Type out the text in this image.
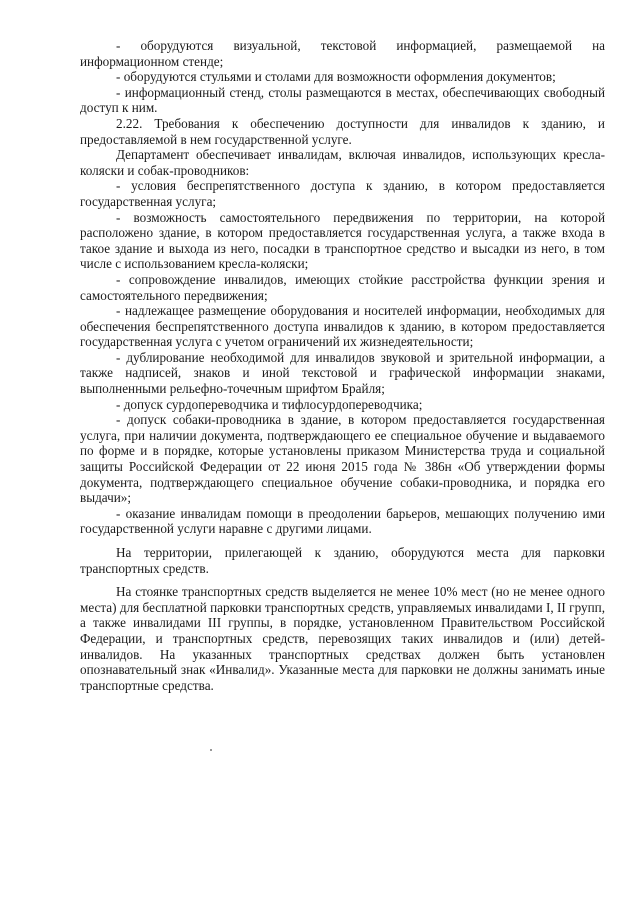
- оборудуются визуальной, текстовой информацией, размещаемой на информационном стенде;

- оборудуются стульями и столами для возможности оформления документов;

- информационный стенд, столы размещаются в местах, обеспечивающих свободный доступ к ним.

2.22. Требования к обеспечению доступности для инвалидов к зданию, и предоставляемой в нем государственной услуге.

Департамент обеспечивает инвалидам, включая инвалидов, использующих кресла-коляски и собак-проводников:

- условия беспрепятственного доступа к зданию, в котором предоставляется государственная услуга;

- возможность самостоятельного передвижения по территории, на которой расположено здание, в котором предоставляется государственная услуга, а также входа в такое здание и выхода из него, посадки в транспортное средство и высадки из него, в том числе с использованием кресла-коляски;

- сопровождение инвалидов, имеющих стойкие расстройства функции зрения и самостоятельного передвижения;

- надлежащее размещение оборудования и носителей информации, необходимых для обеспечения беспрепятственного доступа инвалидов к зданию, в котором предоставляется государственная услуга с учетом ограничений их жизнедеятельности;

- дублирование необходимой для инвалидов звуковой и зрительной информации, а также надписей, знаков и иной текстовой и графической информации знаками, выполненными рельефно-точечным шрифтом Брайля;

- допуск сурдопереводчика и тифлосурдопереводчика;

- допуск собаки-проводника в здание, в котором предоставляется государственная услуга, при наличии документа, подтверждающего ее специальное обучение и выдаваемого по форме и в порядке, которые установлены приказом Министерства труда и социальной защиты Российской Федерации от 22 июня 2015 года № 386н «Об утверждении формы документа, подтверждающего специальное обучение собаки-проводника, и порядка его выдачи»;

- оказание инвалидам помощи в преодолении барьеров, мешающих получению ими государственной услуги наравне с другими лицами.

На территории, прилегающей к зданию, оборудуются места для парковки транспортных средств.

На стоянке транспортных средств выделяется не менее 10% мест (но не менее одного места) для бесплатной парковки транспортных средств, управляемых инвалидами I, II групп, а также инвалидами III группы, в порядке, установленном Правительством Российской Федерации, и транспортных средств, перевозящих таких инвалидов и (или) детей-инвалидов. На указанных транспортных средствах должен быть установлен опознавательный знак «Инвалид». Указанные места для парковки не должны занимать иные транспортные средства.
